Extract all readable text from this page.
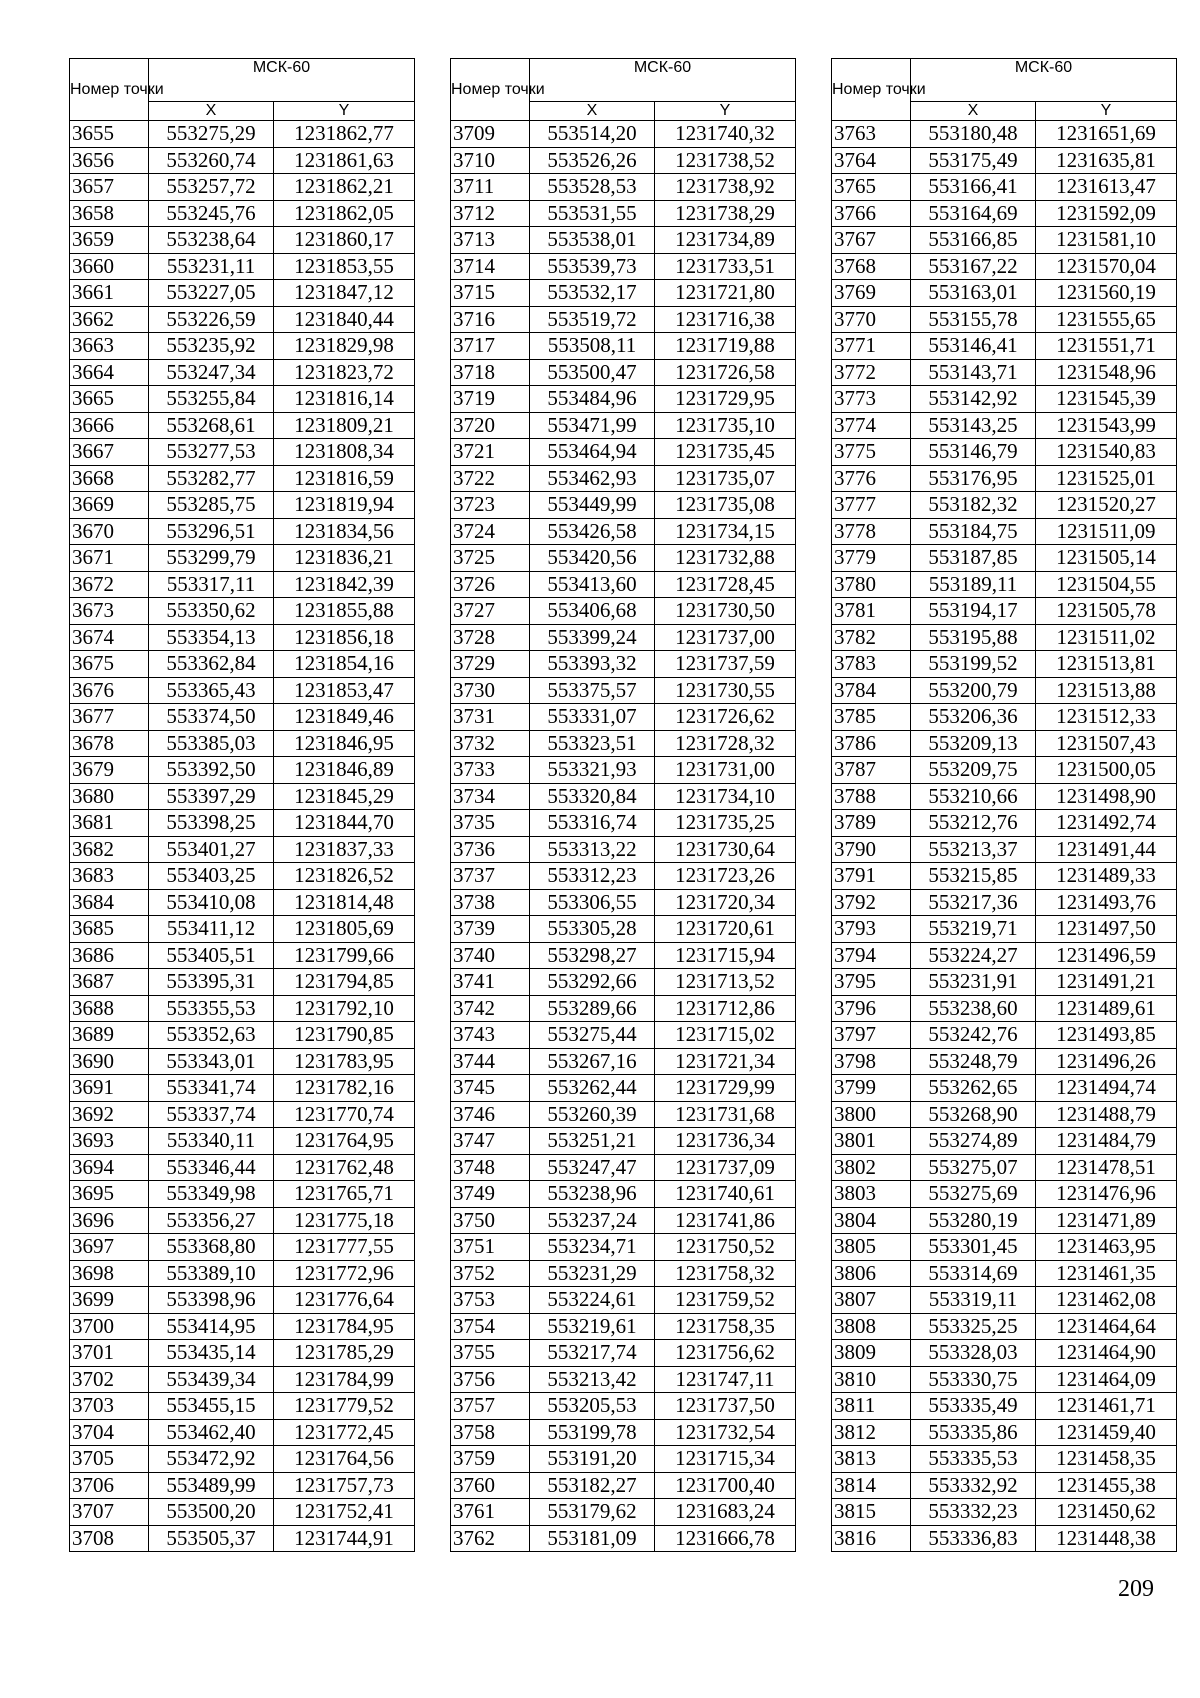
Номер точки	МСК-60	
	X	Y
3655	553275,29	1231862,77
3656	553260,74	1231861,63
3657	553257,72	1231862,21
3658	553245,76	1231862,05
3659	553238,64	1231860,17
3660	553231,11	1231853,55
3661	553227,05	1231847,12
3662	553226,59	1231840,44
3663	553235,92	1231829,98
3664	553247,34	1231823,72
3665	553255,84	1231816,14
3666	553268,61	1231809,21
3667	553277,53	1231808,34
3668	553282,77	1231816,59
3669	553285,75	1231819,94
3670	553296,51	1231834,56
3671	553299,79	1231836,21
3672	553317,11	1231842,39
3673	553350,62	1231855,88
3674	553354,13	1231856,18
3675	553362,84	1231854,16
3676	553365,43	1231853,47
3677	553374,50	1231849,46
3678	553385,03	1231846,95
3679	553392,50	1231846,89
3680	553397,29	1231845,29
3681	553398,25	1231844,70
3682	553401,27	1231837,33
3683	553403,25	1231826,52
3684	553410,08	1231814,48
3685	553411,12	1231805,69
3686	553405,51	1231799,66
3687	553395,31	1231794,85
3688	553355,53	1231792,10
3689	553352,63	1231790,85
3690	553343,01	1231783,95
3691	553341,74	1231782,16
3692	553337,74	1231770,74
3693	553340,11	1231764,95
3694	553346,44	1231762,48
3695	553349,98	1231765,71
3696	553356,27	1231775,18
3697	553368,80	1231777,55
3698	553389,10	1231772,96
3699	553398,96	1231776,64
3700	553414,95	1231784,95
3701	553435,14	1231785,29
3702	553439,34	1231784,99
3703	553455,15	1231779,52
3704	553462,40	1231772,45
3705	553472,92	1231764,56
3706	553489,99	1231757,73
3707	553500,20	1231752,41
3708	553505,37	1231744,91
Номер точки	МСК-60	
	X	Y
3709	553514,20	1231740,32
3710	553526,26	1231738,52
3711	553528,53	1231738,92
3712	553531,55	1231738,29
3713	553538,01	1231734,89
3714	553539,73	1231733,51
3715	553532,17	1231721,80
3716	553519,72	1231716,38
3717	553508,11	1231719,88
3718	553500,47	1231726,58
3719	553484,96	1231729,95
3720	553471,99	1231735,10
3721	553464,94	1231735,45
3722	553462,93	1231735,07
3723	553449,99	1231735,08
3724	553426,58	1231734,15
3725	553420,56	1231732,88
3726	553413,60	1231728,45
3727	553406,68	1231730,50
3728	553399,24	1231737,00
3729	553393,32	1231737,59
3730	553375,57	1231730,55
3731	553331,07	1231726,62
3732	553323,51	1231728,32
3733	553321,93	1231731,00
3734	553320,84	1231734,10
3735	553316,74	1231735,25
3736	553313,22	1231730,64
3737	553312,23	1231723,26
3738	553306,55	1231720,34
3739	553305,28	1231720,61
3740	553298,27	1231715,94
3741	553292,66	1231713,52
3742	553289,66	1231712,86
3743	553275,44	1231715,02
3744	553267,16	1231721,34
3745	553262,44	1231729,99
3746	553260,39	1231731,68
3747	553251,21	1231736,34
3748	553247,47	1231737,09
3749	553238,96	1231740,61
3750	553237,24	1231741,86
3751	553234,71	1231750,52
3752	553231,29	1231758,32
3753	553224,61	1231759,52
3754	553219,61	1231758,35
3755	553217,74	1231756,62
3756	553213,42	1231747,11
3757	553205,53	1231737,50
3758	553199,78	1231732,54
3759	553191,20	1231715,34
3760	553182,27	1231700,40
3761	553179,62	1231683,24
3762	553181,09	1231666,78
Номер точки	МСК-60	
	X	Y
3763	553180,48	1231651,69
3764	553175,49	1231635,81
3765	553166,41	1231613,47
3766	553164,69	1231592,09
3767	553166,85	1231581,10
3768	553167,22	1231570,04
3769	553163,01	1231560,19
3770	553155,78	1231555,65
3771	553146,41	1231551,71
3772	553143,71	1231548,96
3773	553142,92	1231545,39
3774	553143,25	1231543,99
3775	553146,79	1231540,83
3776	553176,95	1231525,01
3777	553182,32	1231520,27
3778	553184,75	1231511,09
3779	553187,85	1231505,14
3780	553189,11	1231504,55
3781	553194,17	1231505,78
3782	553195,88	1231511,02
3783	553199,52	1231513,81
3784	553200,79	1231513,88
3785	553206,36	1231512,33
3786	553209,13	1231507,43
3787	553209,75	1231500,05
3788	553210,66	1231498,90
3789	553212,76	1231492,74
3790	553213,37	1231491,44
3791	553215,85	1231489,33
3792	553217,36	1231493,76
3793	553219,71	1231497,50
3794	553224,27	1231496,59
3795	553231,91	1231491,21
3796	553238,60	1231489,61
3797	553242,76	1231493,85
3798	553248,79	1231496,26
3799	553262,65	1231494,74
3800	553268,90	1231488,79
3801	553274,89	1231484,79
3802	553275,07	1231478,51
3803	553275,69	1231476,96
3804	553280,19	1231471,89
3805	553301,45	1231463,95
3806	553314,69	1231461,35
3807	553319,11	1231462,08
3808	553325,25	1231464,64
3809	553328,03	1231464,90
3810	553330,75	1231464,09
3811	553335,49	1231461,71
3812	553335,86	1231459,40
3813	553335,53	1231458,35
3814	553332,92	1231455,38
3815	553332,23	1231450,62
3816	553336,83	1231448,38
209
